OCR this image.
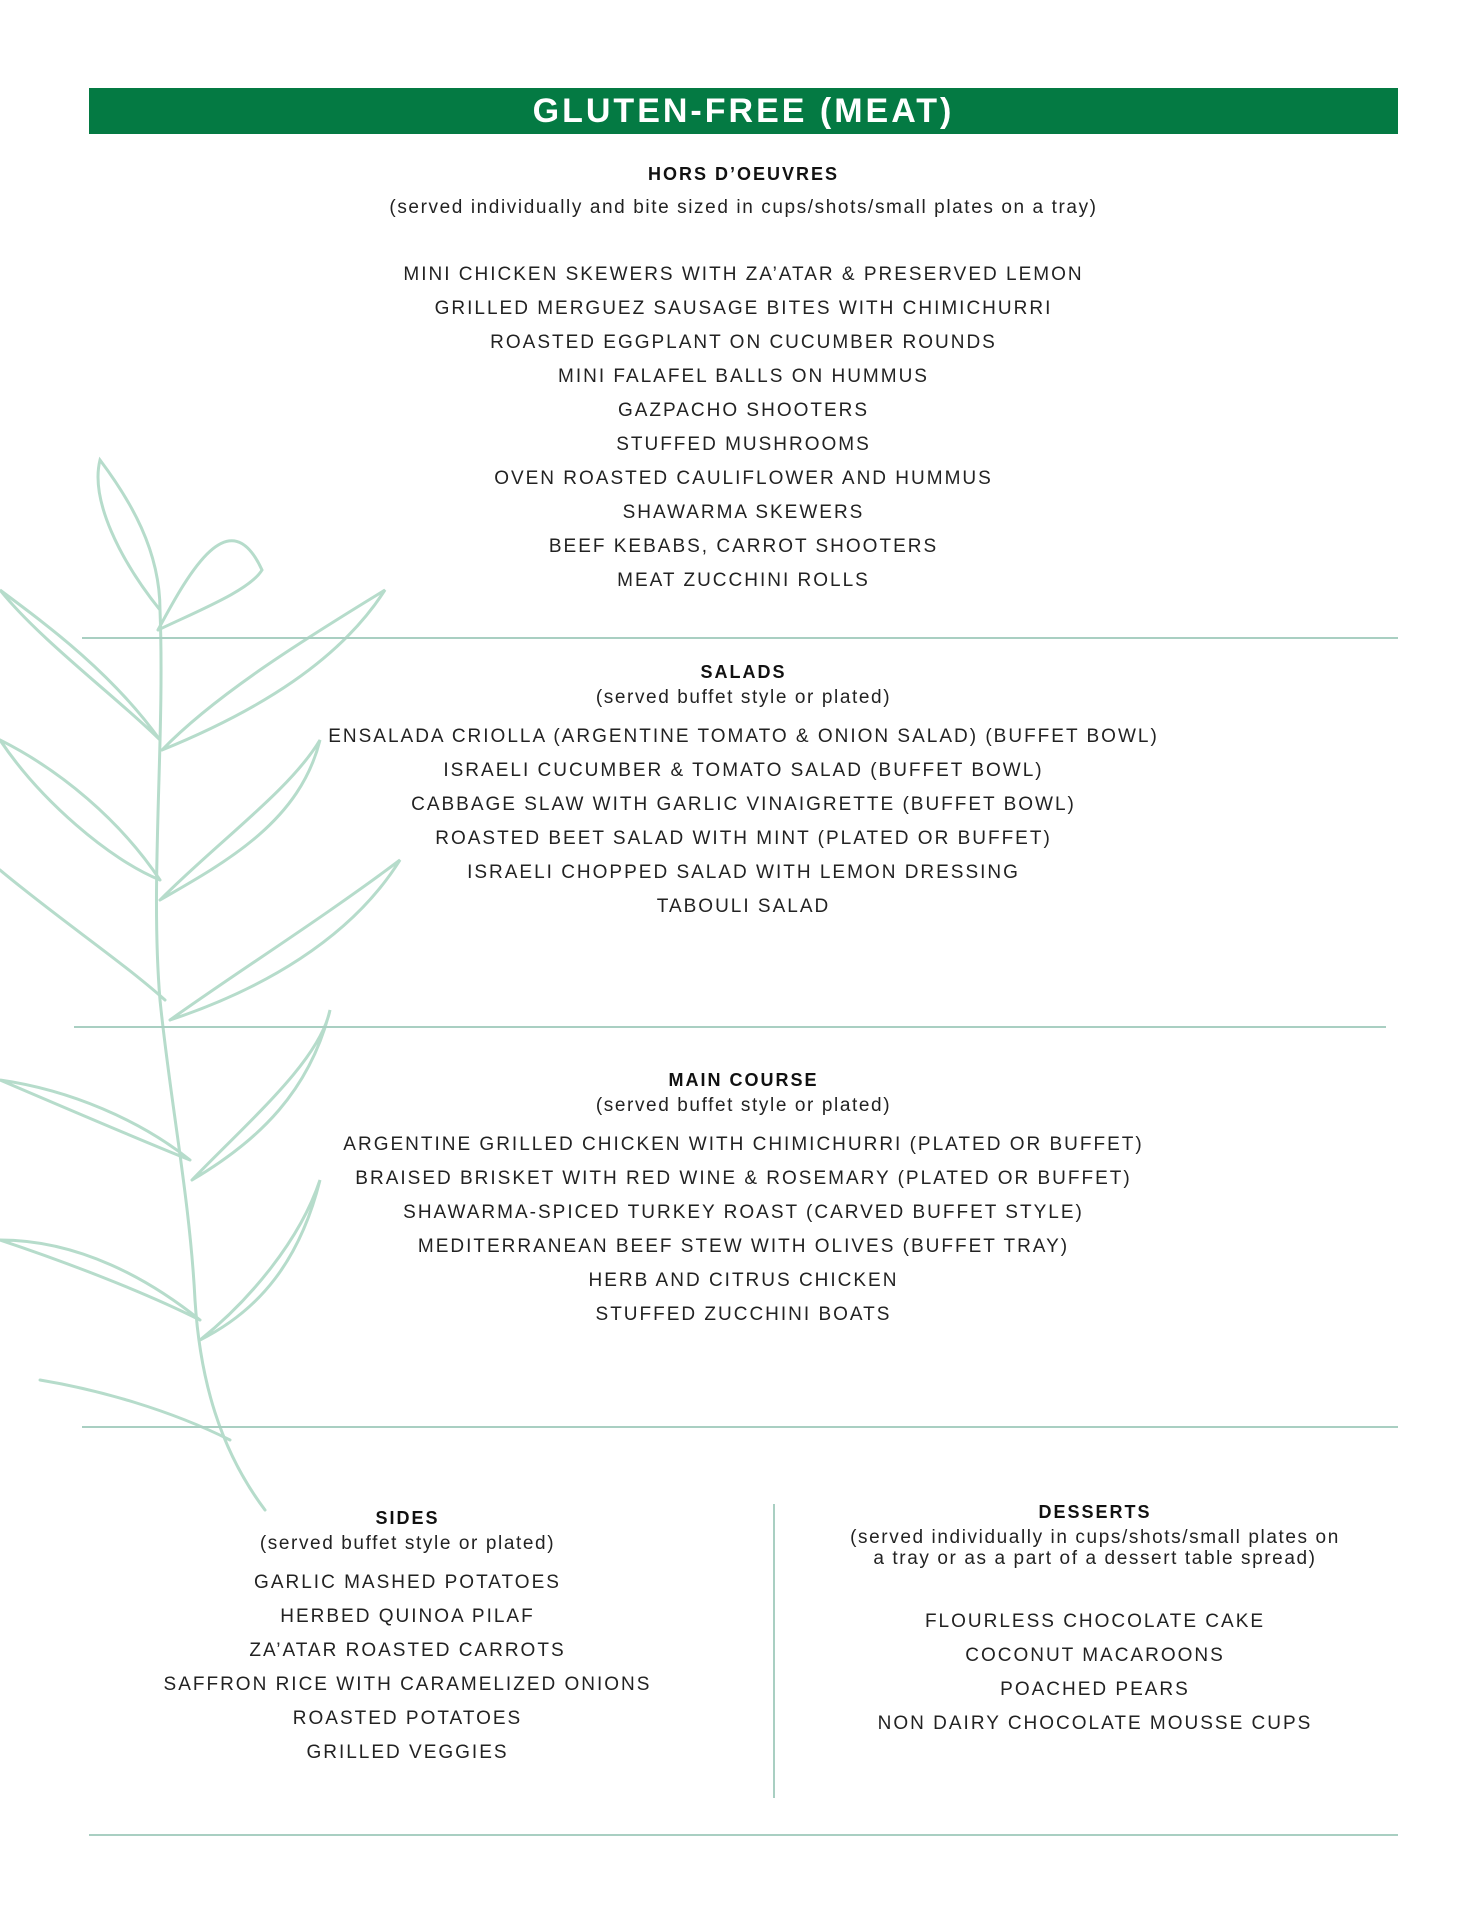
GLUTEN-FREE (MEAT)
HORS D’OEUVRES
(served individually and bite sized in cups/shots/small plates on a tray)
MINI CHICKEN SKEWERS WITH ZA’ATAR & PRESERVED LEMON
GRILLED MERGUEZ SAUSAGE BITES WITH CHIMICHURRI
ROASTED EGGPLANT ON CUCUMBER ROUNDS
MINI FALAFEL BALLS ON HUMMUS
GAZPACHO SHOOTERS
STUFFED MUSHROOMS
OVEN ROASTED CAULIFLOWER AND HUMMUS
SHAWARMA SKEWERS
BEEF KEBABS, CARROT SHOOTERS
MEAT ZUCCHINI ROLLS
SALADS
(served buffet style or plated)
ENSALADA CRIOLLA (ARGENTINE TOMATO & ONION SALAD) (BUFFET BOWL)
ISRAELI CUCUMBER & TOMATO SALAD (BUFFET BOWL)
CABBAGE SLAW WITH GARLIC VINAIGRETTE (BUFFET BOWL)
ROASTED BEET SALAD WITH MINT (PLATED OR BUFFET)
ISRAELI CHOPPED SALAD WITH LEMON DRESSING
TABOULI SALAD
MAIN COURSE
(served buffet style or plated)
ARGENTINE GRILLED CHICKEN WITH CHIMICHURRI (PLATED OR BUFFET)
BRAISED BRISKET WITH RED WINE & ROSEMARY (PLATED OR BUFFET)
SHAWARMA-SPICED TURKEY ROAST (CARVED BUFFET STYLE)
MEDITERRANEAN BEEF STEW WITH OLIVES (BUFFET TRAY)
HERB AND CITRUS CHICKEN
STUFFED ZUCCHINI BOATS
SIDES
(served buffet style or plated)
GARLIC MASHED POTATOES
HERBED QUINOA PILAF
ZA’ATAR ROASTED CARROTS
SAFFRON RICE WITH CARAMELIZED ONIONS
ROASTED POTATOES
GRILLED VEGGIES
DESSERTS
(served individually in cups/shots/small plates on
a tray or as a part of a dessert table spread)
FLOURLESS CHOCOLATE CAKE
COCONUT MACAROONS
POACHED PEARS
NON DAIRY CHOCOLATE MOUSSE CUPS
